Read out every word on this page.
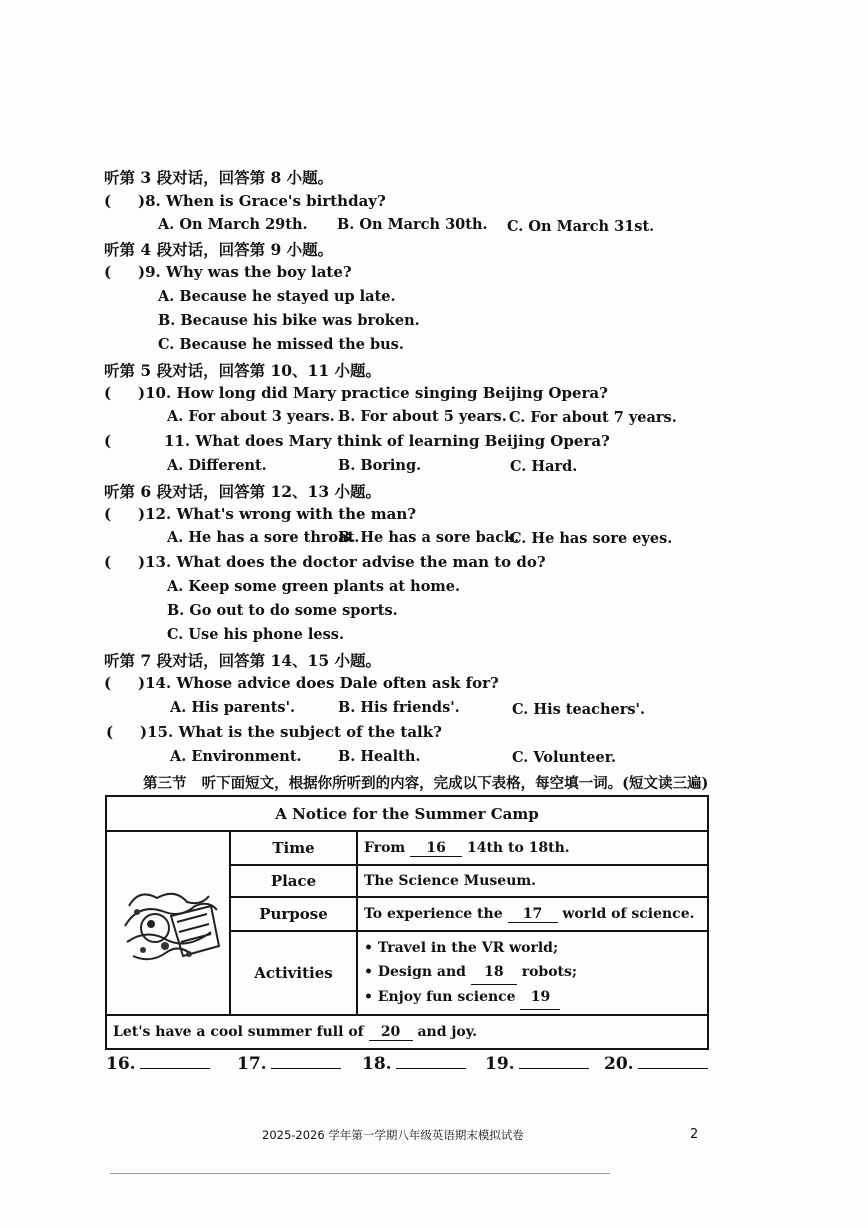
听第 3 段对话，回答第 8 小题。
( )8. When is Grace's birthday?
A. On March 29th. B. On March 30th. C. On March 31st.
听第 4 段对话，回答第 9 小题。
( )9. Why was the boy late?
A. Because he stayed up late.
B. Because his bike was broken.
C. Because he missed the bus.
听第 5 段对话，回答第 10、11 小题。
( )10. How long did Mary practice singing Beijing Opera?
A. For about 3 years. B. For about 5 years. C. For about 7 years.
(	11. What does Mary think of learning Beijing Opera?
A. Different.	B. Boring.	C. Hard.
听第 6 段对话，回答第 12、13 小题。
( )12. What's wrong with the man?
A. He has a sore throat.
B. He has a sore back.
C. He has sore eyes.
( )13. What does the doctor advise the man to do?
A. Keep some green plants at home.
B. Go out to do some sports.
C. Use his phone less.
听第 7 段对话，回答第 14、15 小题。
( )14. Whose advice does Dale often ask for?
A. His parents'.	B. His friends'.	C. His teachers'.
( )15. What is the subject of the talk?
A. Environment.	B. Health.	C. Volunteer.
第三节 听下面短文，根据你所听到的内容，完成以下表格，每空填一词。(短文读三遍)
A Notice for the Summer Camp		
	Time	From 16 14th to 18th.
	Place	The Science Museum.
	Purpose	To experience the 17 world of science.
	Activities	• Travel in the VR world;
• Design and 18 robots;
• Enjoy fun science 19

Let's have a cool summer full of 20 and joy.		
16.	17.	18.	19.	20.
2025-2026 学年第一学期八年级英语期末模拟试卷	2
